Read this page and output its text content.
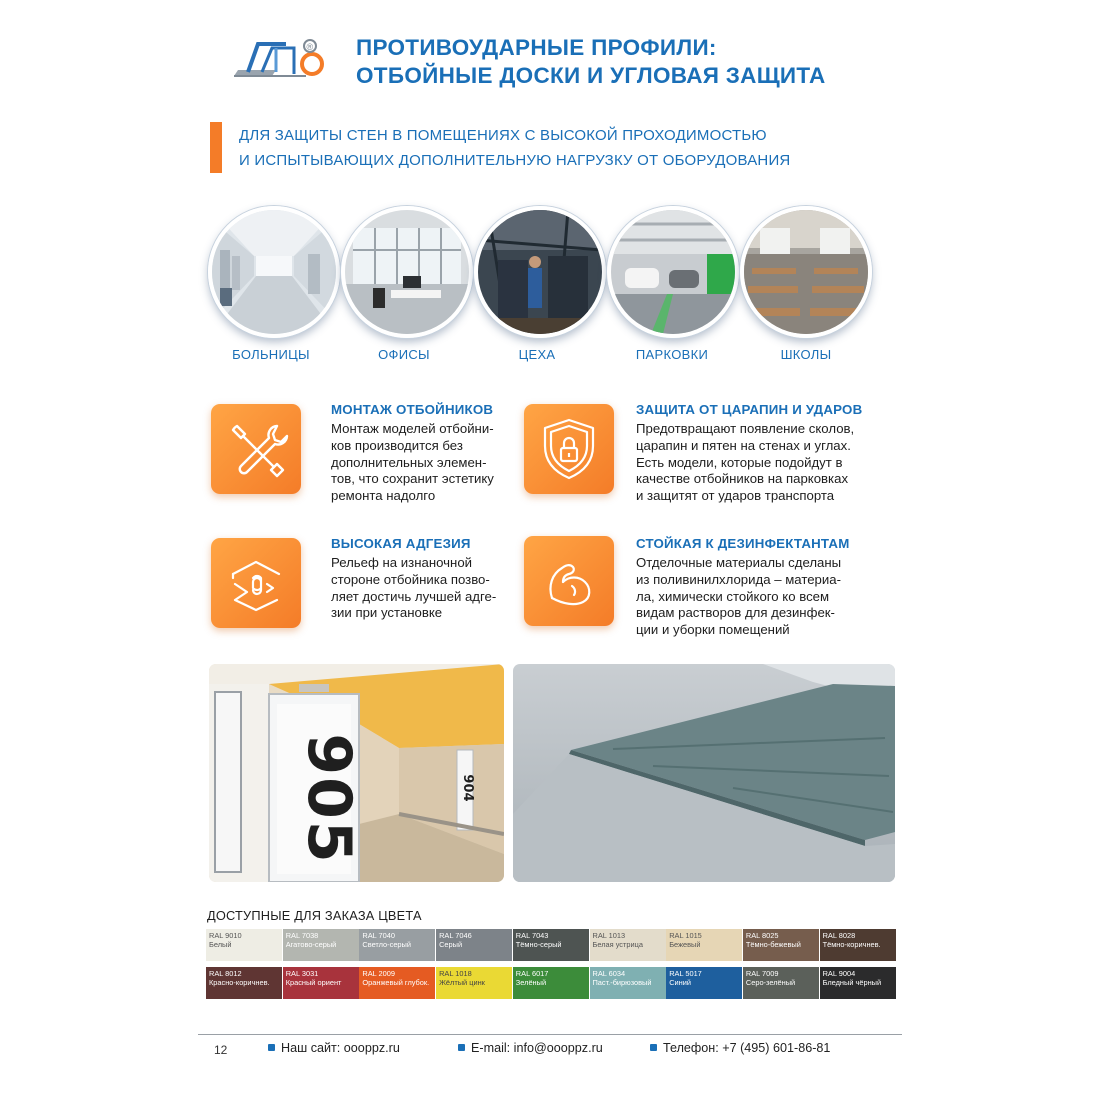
® ПРОТИВОУДАРНЫЕ ПРОФИЛИ:
ОТБОЙНЫЕ ДОСКИ И УГЛОВАЯ ЗАЩИТА
ДЛЯ ЗАЩИТЫ СТЕН В ПОМЕЩЕНИЯХ С ВЫСОКОЙ ПРОХОДИМОСТЬЮ
И ИСПЫТЫВАЮЩИХ ДОПОЛНИТЕЛЬНУЮ НАГРУЗКУ ОТ ОБОРУДОВАНИЯ
БОЛЬНИЦЫ	ОФИСЫ	ЦЕХА	ПАРКОВКИ	ШКОЛЫ
МОНТАЖ ОТБОЙНИКОВ
Монтаж моделей отбойни-
ков производится без
дополнительных элемен-
тов, что сохранит эстетику
ремонта надолго
ЗАЩИТА ОТ ЦАРАПИН И УДАРОВ
Предотвращают появление сколов,
царапин и пятен на стенах и углах.
Есть модели, которые подойдут в
качестве отбойников на парковках
и защитят от ударов транспорта
ВЫСОКАЯ АДГЕЗИЯ
Рельеф на изнаночной
стороне отбойника позво-
ляет достичь лучшей адге-
зии при установке
СТОЙКАЯ К ДЕЗИНФЕКТАНТАМ
Отделочные материалы сделаны
из поливинилхлорида – материа-
ла, химически стойкого ко всем
видам растворов для дезинфек-
ции и уборки помещений
905	904
ДОСТУПНЫЕ ДЛЯ ЗАКАЗА ЦВЕТА
RAL 9010
Белый
RAL 7038
Агатово-серый
RAL 7040
Светло-серый
RAL 7046
Серый
RAL 7043
Тёмно-серый
RAL 1013
Белая устрица
RAL 1015
Бежевый
RAL 8025
Тёмно-бежевый
RAL 8028
Тёмно-коричнев.
RAL 8012
Красно-коричнев.
RAL 3031
Красный ориент
RAL 2009
Оранжевый глубок.
RAL 1018
Жёлтый цинк
RAL 6017
Зелёный
RAL 6034
Паст.-бирюзовый
RAL 5017
Синий
RAL 7009
Серо-зелёный
RAL 9004
Бледный чёрный
12	Наш сайт: oooppz.ru	E-mail: info@oooppz.ru	Телефон: +7 (495) 601-86-81
